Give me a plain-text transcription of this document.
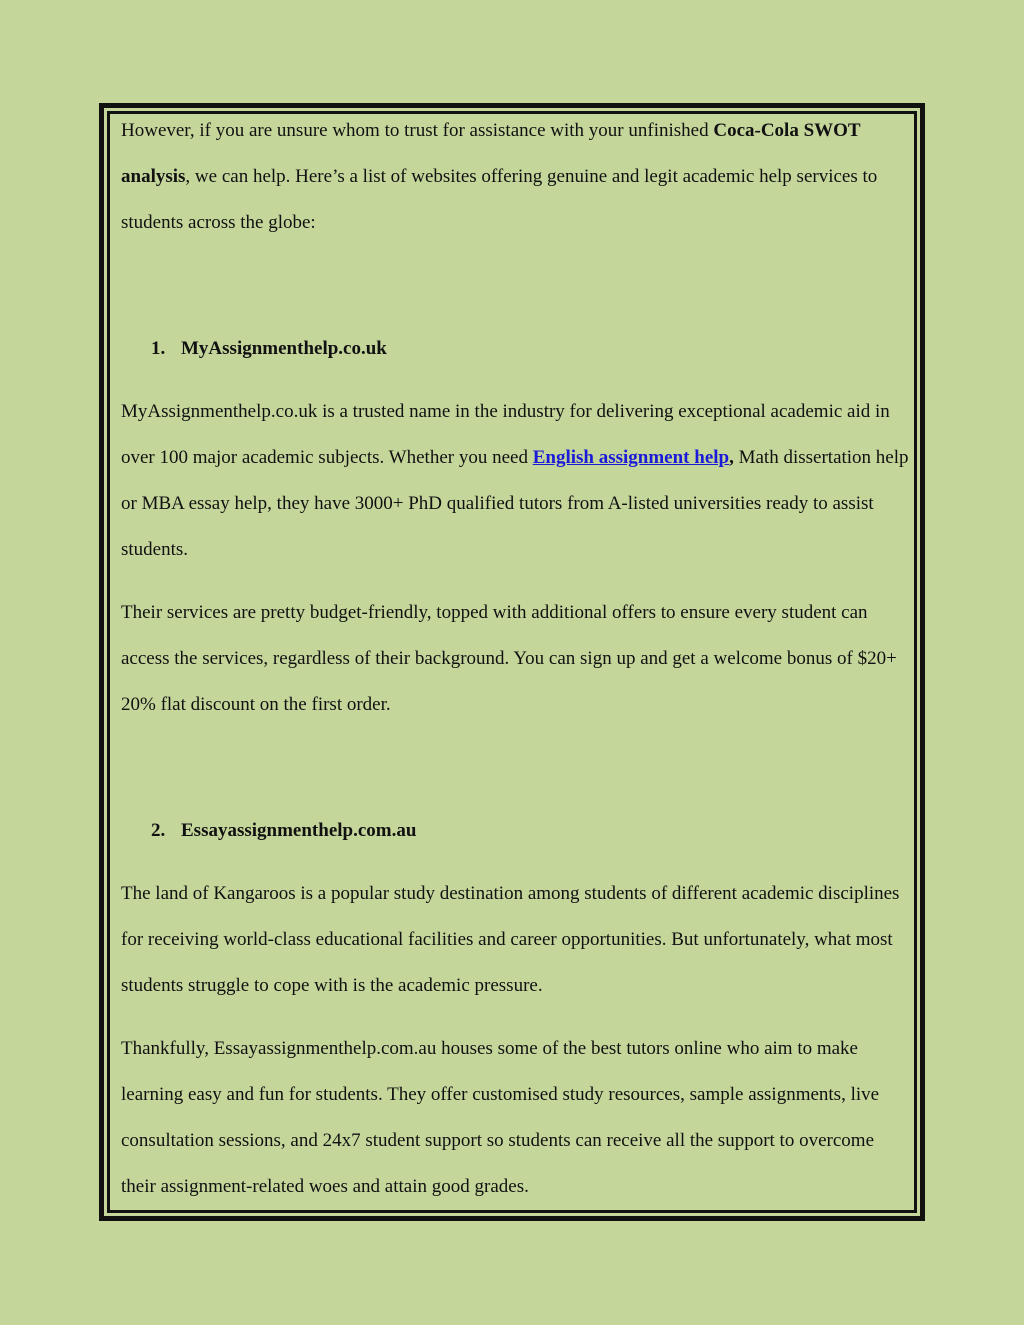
However, if you are unsure whom to trust for assistance with your unfinished Coca-Cola SWOT analysis, we can help. Here’s a list of websites offering genuine and legit academic help services to students across the globe:

1. MyAssignmenthelp.co.uk

MyAssignmenthelp.co.uk is a trusted name in the industry for delivering exceptional academic aid in over 100 major academic subjects. Whether you need English assignment help, Math dissertation help or MBA essay help, they have 3000+ PhD qualified tutors from A-listed universities ready to assist students.

Their services are pretty budget-friendly, topped with additional offers to ensure every student can access the services, regardless of their background. You can sign up and get a welcome bonus of $20+ 20% flat discount on the first order.

2. Essayassignmenthelp.com.au

The land of Kangaroos is a popular study destination among students of different academic disciplines for receiving world-class educational facilities and career opportunities. But unfortunately, what most students struggle to cope with is the academic pressure.

Thankfully, Essayassignmenthelp.com.au houses some of the best tutors online who aim to make learning easy and fun for students. They offer customised study resources, sample assignments, live consultation sessions, and 24x7 student support so students can receive all the support to overcome their assignment-related woes and attain good grades.
